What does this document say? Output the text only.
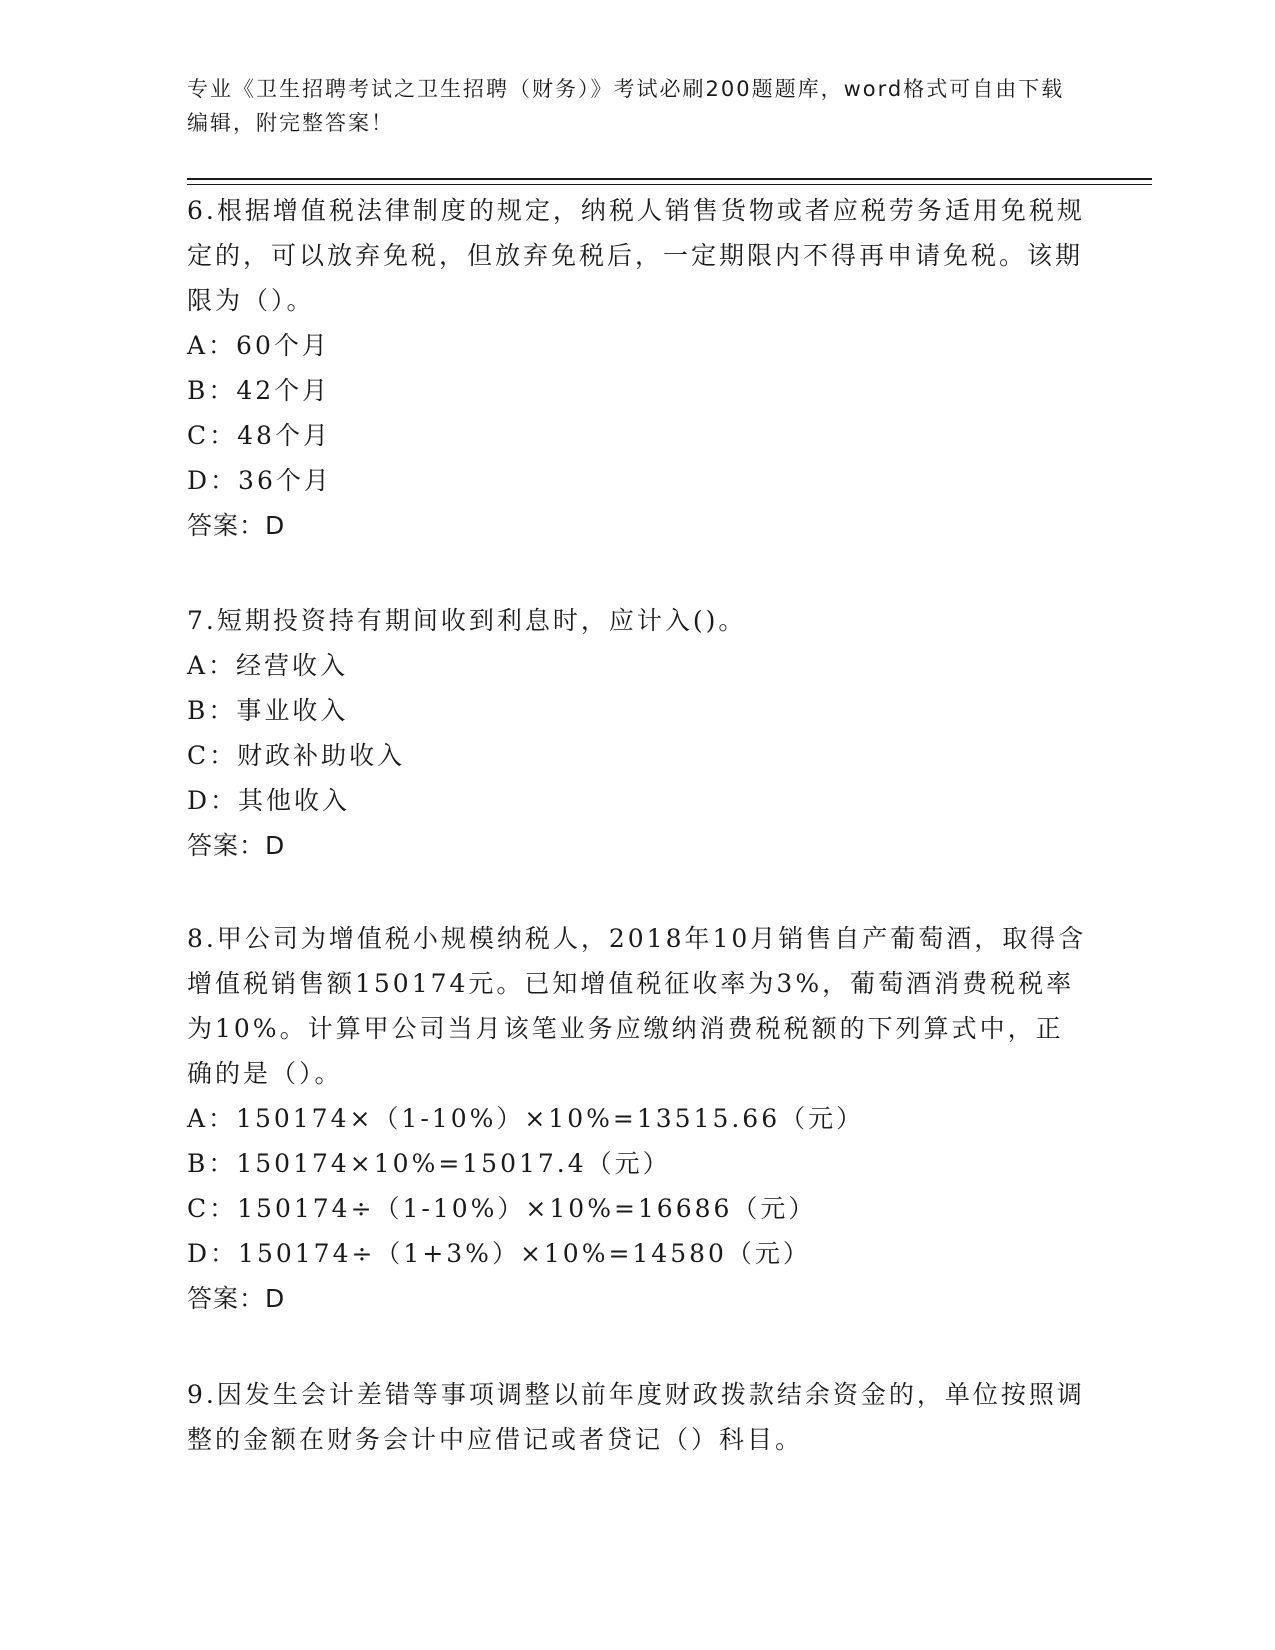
专业《卫生招聘考试之卫生招聘（财务）》考试必刷200题题库，word格式可自由下载编辑，附完整答案！

6.根据增值税法律制度的规定，纳税人销售货物或者应税劳务适用免税规定的，可以放弃免税，但放弃免税后，一定期限内不得再申请免税。该期限为（）。

A：60个月
B：42个月
C：48个月
D：36个月
答案：D

7.短期投资持有期间收到利息时，应计入()。

A：经营收入
B：事业收入
C：财政补助收入
D：其他收入
答案：D

8.甲公司为增值税小规模纳税人，2018年10月销售自产葡萄酒，取得含增值税销售额150174元。已知增值税征收率为3%，葡萄酒消费税税率为10%。计算甲公司当月该笔业务应缴纳消费税税额的下列算式中，正确的是（）。

A：150174×（1-10%）×10%=13515.66（元）
B：150174×10%=15017.4（元）
C：150174÷（1-10%）×10%=16686（元）
D：150174÷（1+3%）×10%=14580（元）
答案：D

9.因发生会计差错等事项调整以前年度财政拨款结余资金的，单位按照调整的金额在财务会计中应借记或者贷记（）科目。
